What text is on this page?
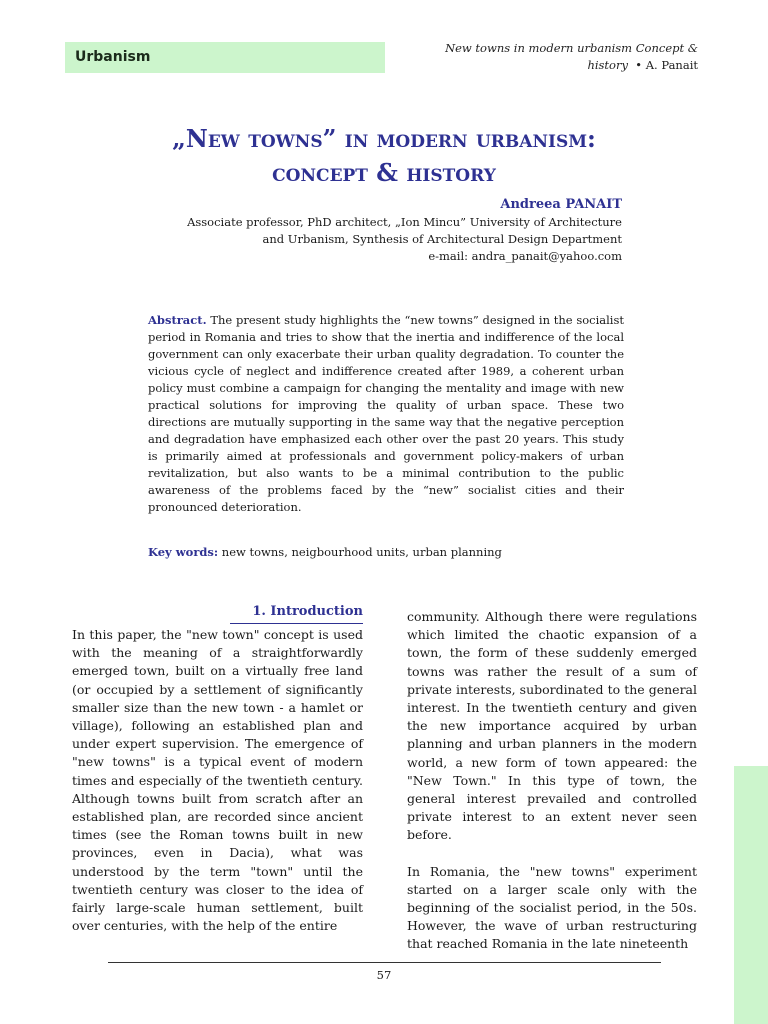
Urbanism
New towns in modern urbanism Concept &
history  • A. Panait
„New towns” in modern urbanism:
concept & history
Andreea PANAIT
Associate professor, PhD architect, „Ion Mincu” University of Architecture
and Urbanism, Synthesis of Architectural Design Department
e-mail: andra_panait@yahoo.com
Abstract. The present study highlights the “new towns” designed in the socialist period in Romania and tries to show that the inertia and indifference of the local government can only exacerbate their urban quality degradation. To counter the vicious cycle of neglect and indifference created after 1989, a coherent urban policy must combine a campaign for changing the mentality and image with new practical solutions for improving the quality of urban space. These two directions are mutually supporting in the same way that the negative perception and degradation have emphasized each other over the past 20 years. This study is primarily aimed at professionals and government policy-makers of urban revitalization, but also wants to be a minimal contribution to the public awareness of the problems faced by the “new” socialist cities and their pronounced deterioration.
Key words: new towns, neigbourhood units, urban planning
1. Introduction

In this paper, the "new town" concept is used with the meaning of a straightforwardly emerged town, built on a virtually free land (or occupied by a settlement of significantly smaller size than the new town - a hamlet or village), following an established plan and under expert supervision. The emergence of "new towns" is a typical event of modern times and especially of the twentieth century. Although towns built from scratch after an established plan, are recorded since ancient times (see the Roman towns built in new provinces, even in Dacia), what was understood by the term "town" until the twentieth century was closer to the idea of fairly large-scale human settlement, built over centuries, with the help of the entire

community. Although there were regulations which limited the chaotic expansion of a town, the form of these suddenly emerged towns was rather the result of a sum of private interests, subordinated to the general interest. In the twentieth century and given the new importance acquired by urban planning and urban planners in the modern world, a new form of town appeared: the "New Town." In this type of town, the general interest prevailed and controlled private interest to an extent never seen before.

In Romania, the "new towns" experiment started on a larger scale only with the beginning of the socialist period, in the 50s. However, the wave of urban restructuring that reached Romania in the late nineteenth

57
